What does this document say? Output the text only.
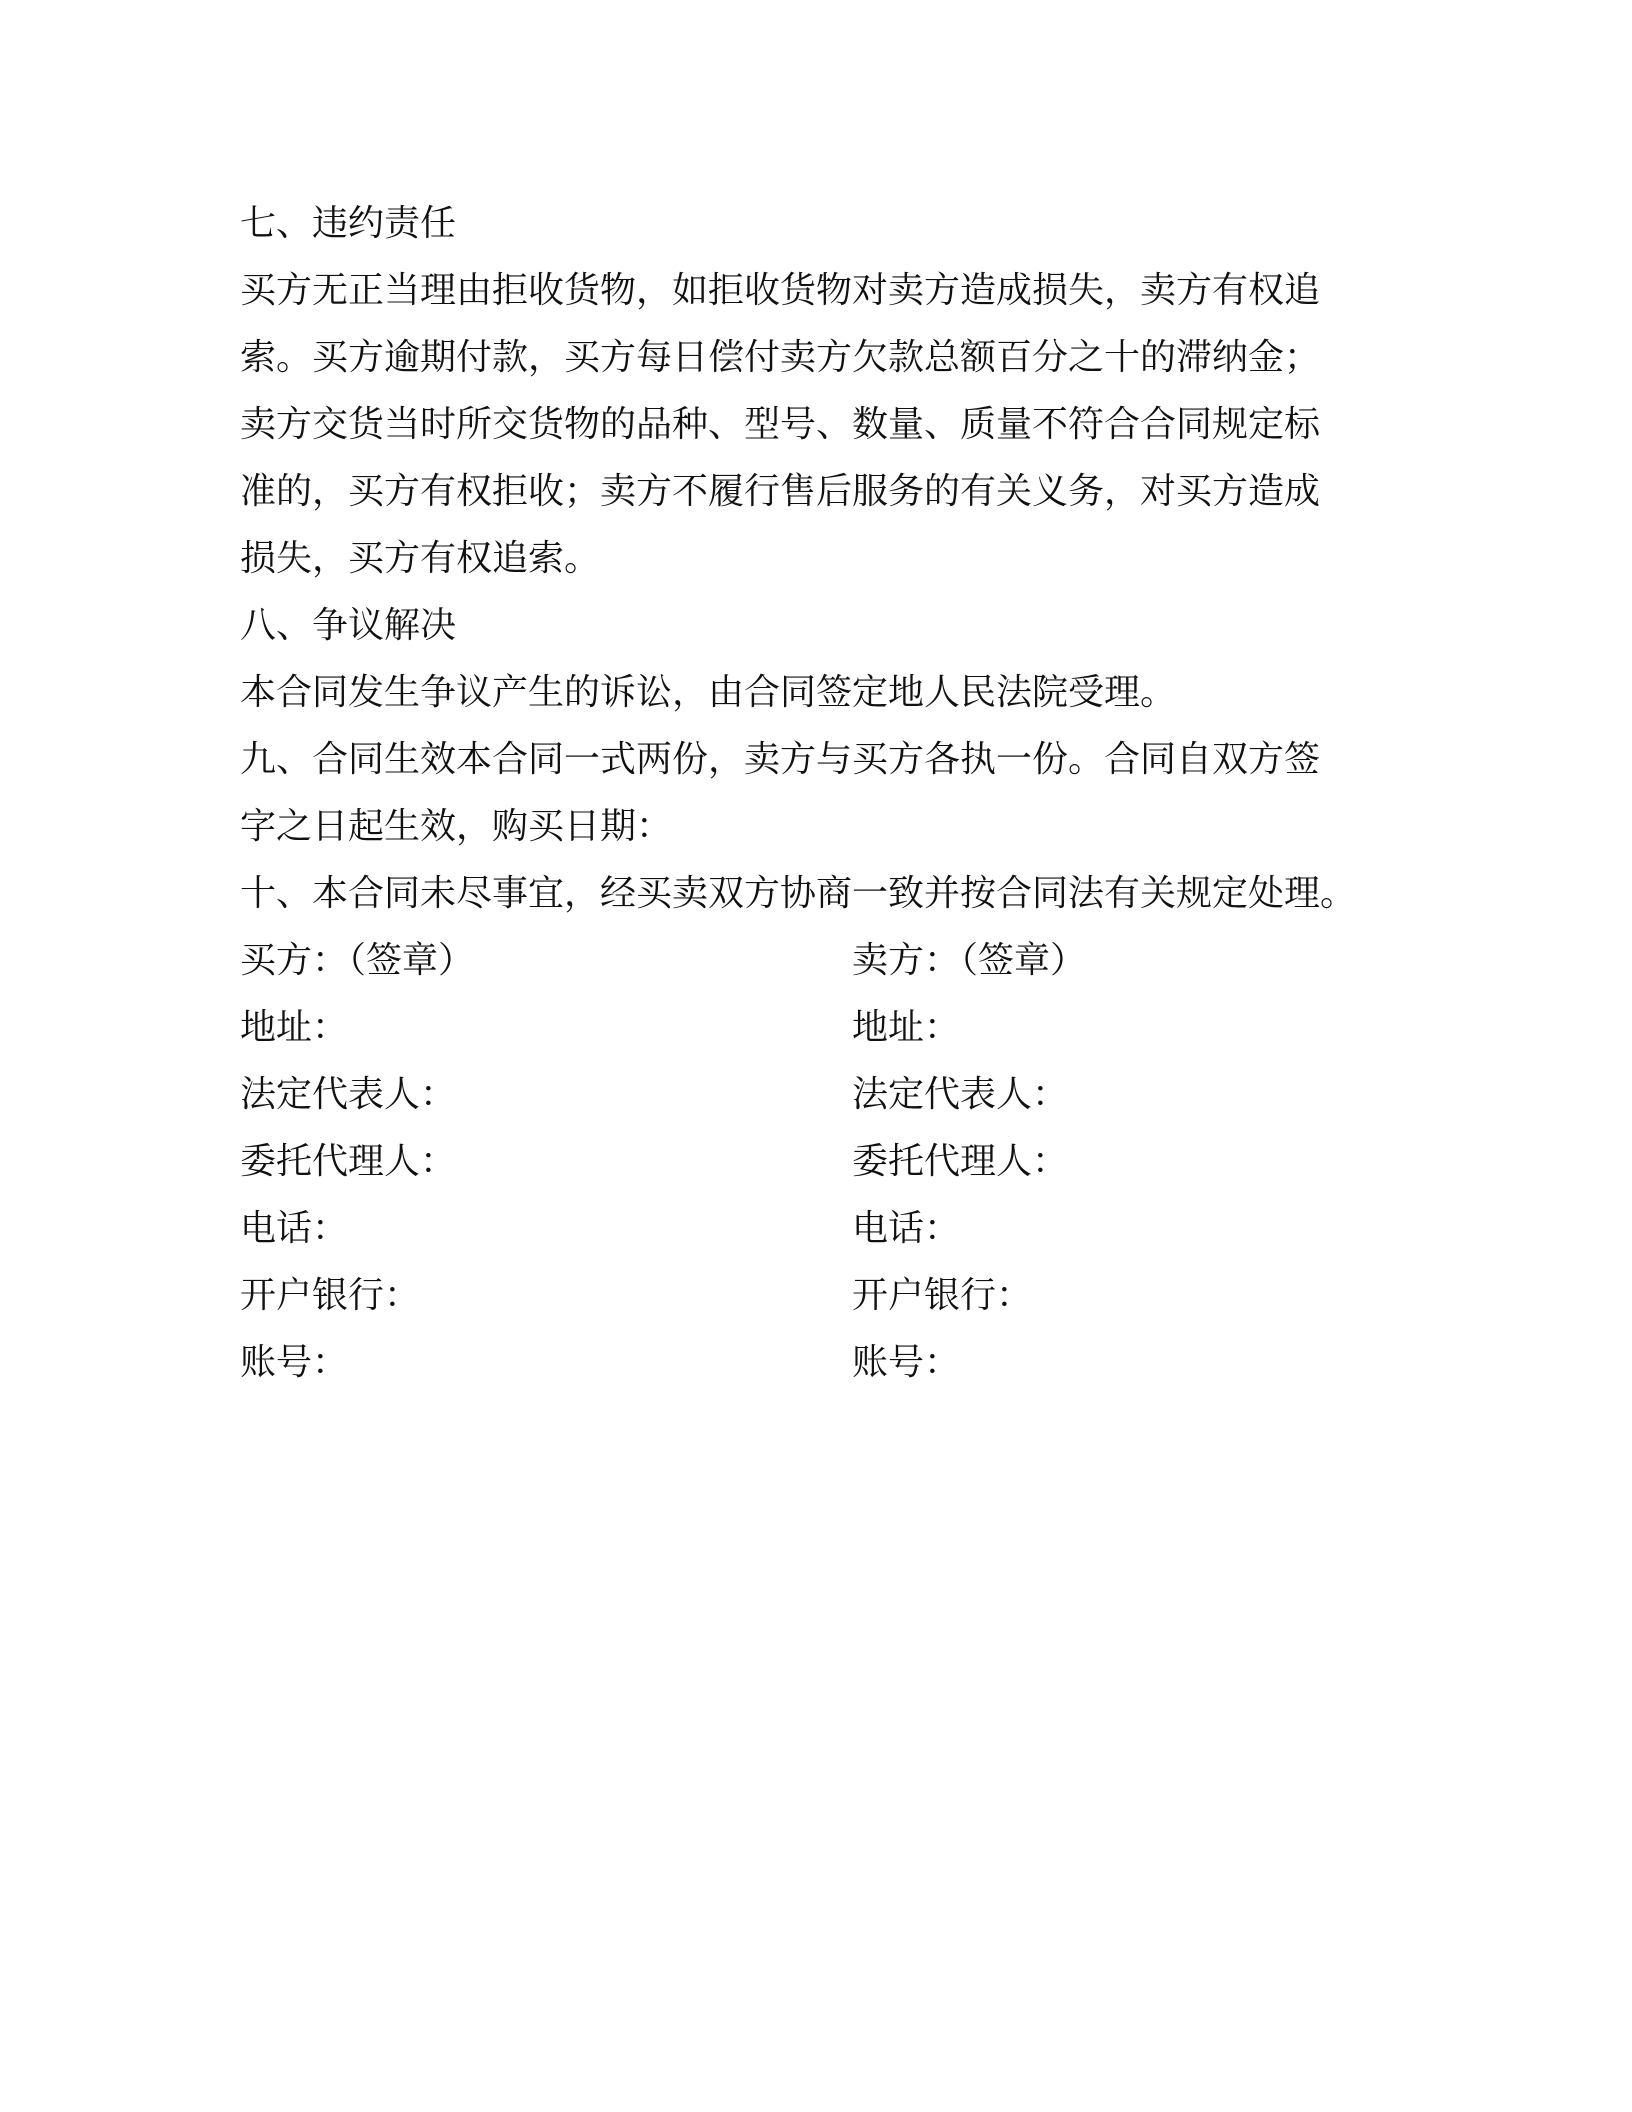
七、违约责任
买方无正当理由拒收货物，如拒收货物对卖方造成损失，卖方有权追
索。买方逾期付款，买方每日偿付卖方欠款总额百分之十的滞纳金；
卖方交货当时所交货物的品种、型号、数量、质量不符合合同规定标
准的，买方有权拒收；卖方不履行售后服务的有关义务，对买方造成
损失，买方有权追索。
八、争议解决
本合同发生争议产生的诉讼，由合同签定地人民法院受理。
九、合同生效本合同一式两份，卖方与买方各执一份。合同自双方签
字之日起生效，购买日期：
十、本合同未尽事宜，经买卖双方协商一致并按合同法有关规定处理。
买方：（签章）	卖方：（签章）
地址：	地址：
法定代表人：	法定代表人：
委托代理人：	委托代理人：
电话：	电话：
开户银行：	开户银行：
账号：	账号：
